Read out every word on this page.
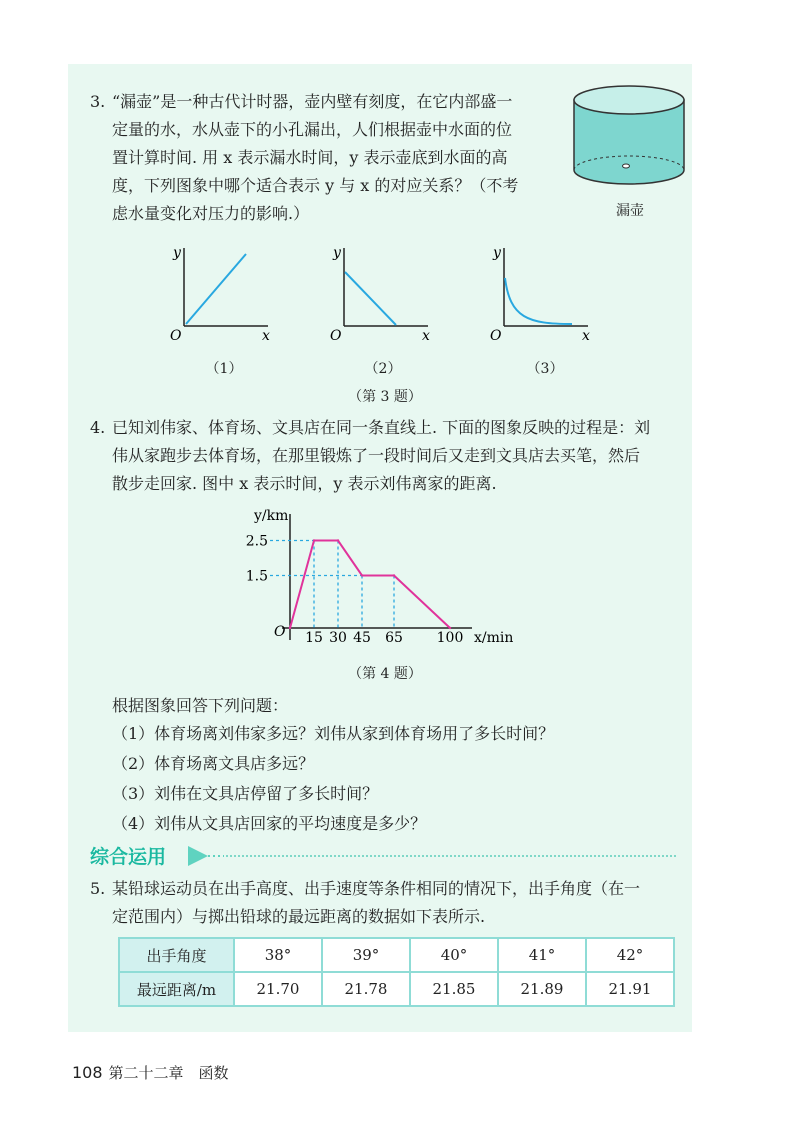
3. “漏壶”是一种古代计时器，壶内壁有刻度，在它内部盛一

定量的水，水从壶下的小孔漏出，人们根据壶中水面的位

置计算时间. 用 x 表示漏水时间，y 表示壶底到水面的高

度，下列图象中哪个适合表示 y 与 x 的对应关系？（不考

虑水量变化对压力的影响.）	漏壶
y
x
O
（1）
y
x
O
（2）
y
x
O
（3）
（第 3 题）
4. 已知刘伟家、体育场、文具店在同一条直线上. 下面的图象反映的过程是：刘

伟从家跑步去体育场，在那里锻炼了一段时间后又走到文具店去买笔，然后

散步走回家. 图中 x 表示时间，y 表示刘伟离家的距离.

y/km
x/min
O
1.5
2.5
15 30 45 65 100
（第 4 题）

根据图象回答下列问题：

（1）体育场离刘伟家多远？刘伟从家到体育场用了多长时间？

（2）体育场离文具店多远？

（3）刘伟在文具店停留了多长时间？

（4）刘伟从文具店回家的平均速度是多少？

综合运用
5. 某铅球运动员在出手高度、出手速度等条件相同的情况下，出手角度（在一

定范围内）与掷出铅球的最远距离的数据如下表所示.

出手角度	38°	39°	40°	41°	42°
最远距离/m	21.70	21.78	21.85	21.89	21.91
108 第二十二章　函数
